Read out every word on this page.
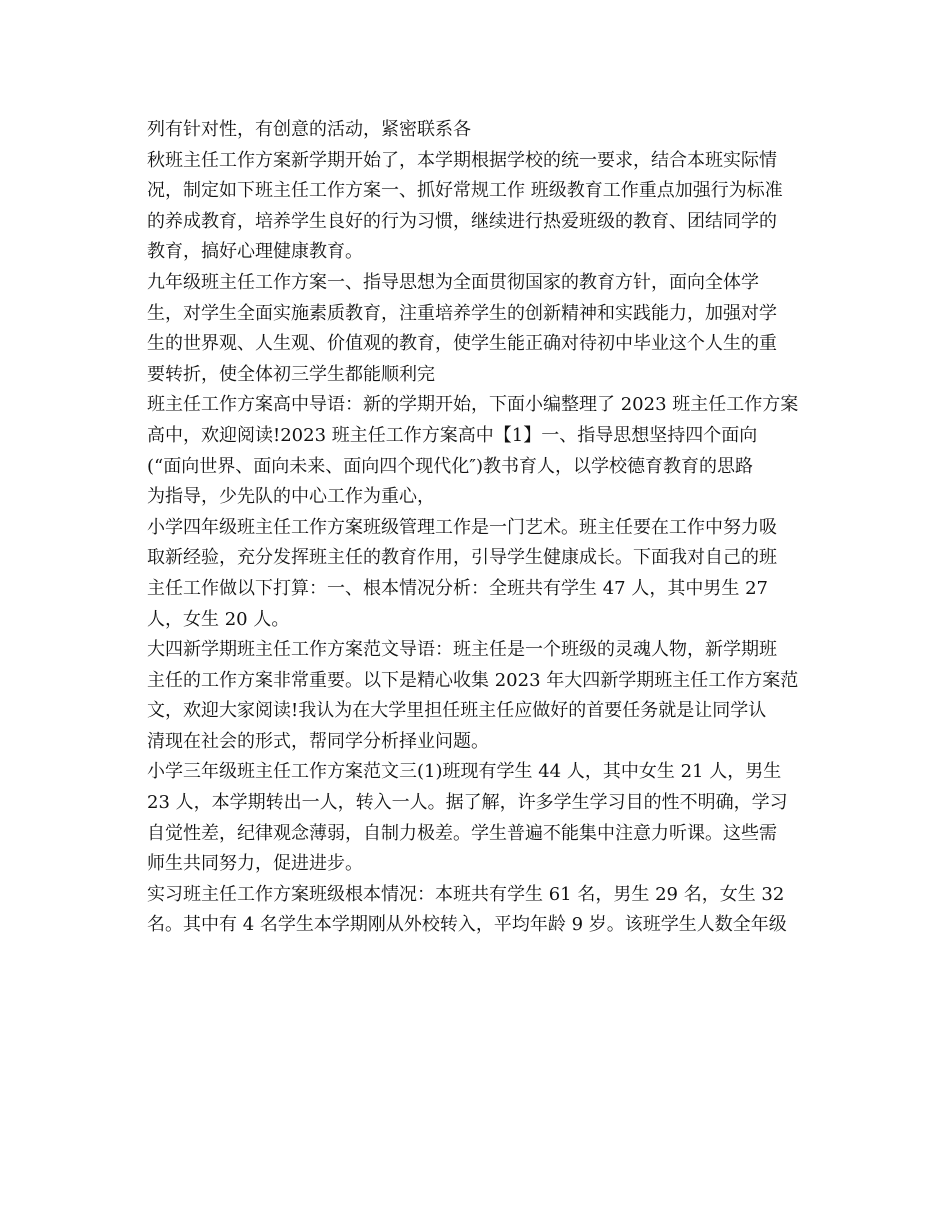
列有针对性，有创意的活动，紧密联系各
秋班主任工作方案新学期开始了，本学期根据学校的统一要求，结合本班实际情
况，制定如下班主任工作方案一、抓好常规工作 班级教育工作重点加强行为标准
的养成教育，培养学生良好的行为习惯，继续进行热爱班级的教育、团结同学的
教育，搞好心理健康教育。
九年级班主任工作方案一、指导思想为全面贯彻国家的教育方针，面向全体学
生，对学生全面实施素质教育，注重培养学生的创新精神和实践能力，加强对学
生的世界观、人生观、价值观的教育，使学生能正确对待初中毕业这个人生的重
要转折，使全体初三学生都能顺利完
班主任工作方案高中导语：新的学期开始，下面小编整理了 2023 班主任工作方案
高中，欢迎阅读!2023 班主任工作方案高中【1】一、指导思想坚持四个面向
(“面向世界、面向未来、面向四个现代化″)教书育人，以学校德育教育的思路
为指导，少先队的中心工作为重心，
小学四年级班主任工作方案班级管理工作是一门艺术。班主任要在工作中努力吸
取新经验，充分发挥班主任的教育作用，引导学生健康成长。下面我对自己的班
主任工作做以下打算：一、根本情况分析：全班共有学生 47 人，其中男生 27
人，女生 20 人。
大四新学期班主任工作方案范文导语：班主任是一个班级的灵魂人物，新学期班
主任的工作方案非常重要。以下是精心收集 2023 年大四新学期班主任工作方案范
文，欢迎大家阅读!我认为在大学里担任班主任应做好的首要任务就是让同学认
清现在社会的形式，帮同学分析择业问题。
小学三年级班主任工作方案范文三(1)班现有学生 44 人，其中女生 21 人，男生
23 人，本学期转出一人，转入一人。据了解，许多学生学习目的性不明确，学习
自觉性差，纪律观念薄弱，自制力极差。学生普遍不能集中注意力听课。这些需
师生共同努力，促进进步。
实习班主任工作方案班级根本情况：本班共有学生 61 名，男生 29 名，女生 32
名。其中有 4 名学生本学期刚从外校转入，平均年龄 9 岁。该班学生人数全年级
